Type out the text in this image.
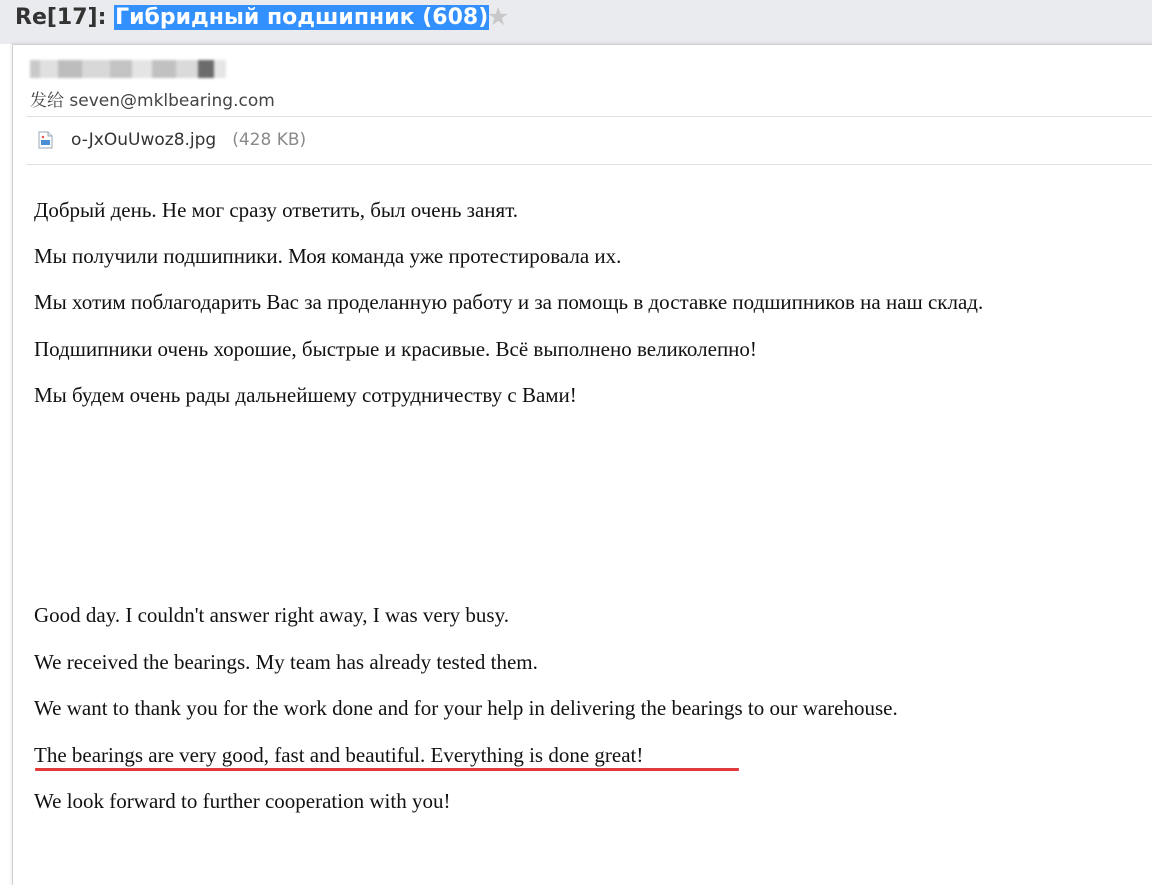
Re[17]: Гибридный подшипник (608)
★
发给 seven@mklbearing.com
o-JxOuUwoz8.jpg (428 KB)
Добрый день. Не мог сразу ответить, был очень занят.
Мы получили подшипники. Моя команда уже протестировала их.
Мы хотим поблагодарить Вас за проделанную работу и за помощь в доставке подшипников на наш склад.
Подшипники очень хорошие, быстрые и красивые. Всё выполнено великолепно!
Мы будем очень рады дальнейшему сотрудничеству с Вами!
Good day. I couldn't answer right away, I was very busy.
We received the bearings. My team has already tested them.
We want to thank you for the work done and for your help in delivering the bearings to our warehouse.
The bearings are very good, fast and beautiful. Everything is done great!
We look forward to further cooperation with you!
